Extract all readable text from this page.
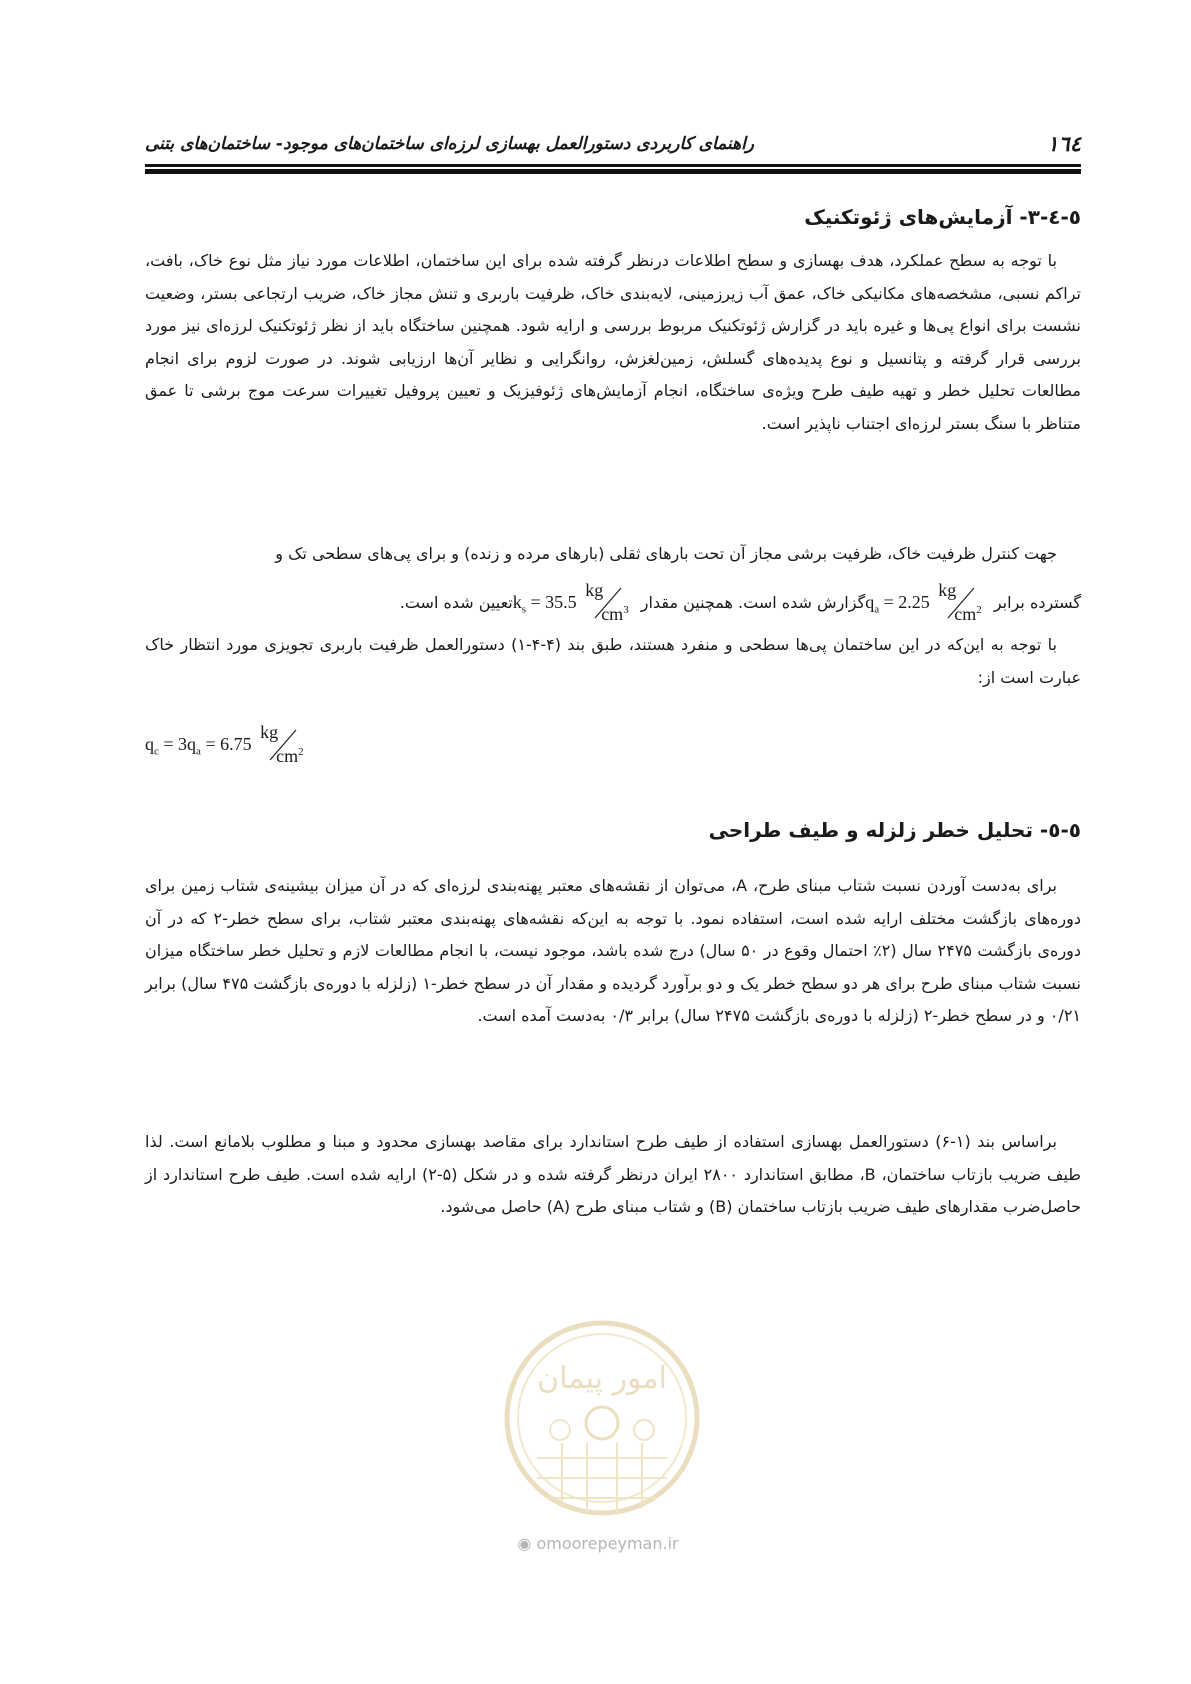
١٦٤
راهنمای کاربردی دستورالعمل بهسازی لرزه‌ای ساختمان‌های موجود- ساختمان‌های بتنی
٥-٤-٣- آزمایش‌های ژئوتکنیک

با توجه به سطح عملکرد، هدف بهسازی و سطح اطلاعات درنظر گرفته شده برای این ساختمان، اطلاعات مورد نیاز مثل نوع خاک، بافت، تراکم نسبی، مشخصه‌های مکانیکی خاک، عمق آب زیرزمینی، لایه‌بندی خاک، ظرفیت باربری و تنش مجاز خاک، ضریب ارتجاعی بستر، وضعیت نشست برای انواع پی‌ها و غیره باید در گزارش ژئوتکنیک مربوط بررسی و ارایه شود. همچنین ساختگاه باید از نظر ژئوتکنیک لرزه‌ای نیز مورد بررسی قرار گرفته و پتانسیل و نوع پدیده‌های گسلش، زمین‌لغزش، روانگرایی و نظایر آن‌ها ارزیابی شوند. در صورت لزوم برای انجام مطالعات تحلیل خطر و تهیه طیف طرح ویژه‌ی ساختگاه، انجام آزمایش‌های ژئوفیزیک و تعیین پروفیل تغییرات سرعت موج برشی تا عمق متناظر با سنگ بستر لرزه‌ای اجتناب ناپذیر است.

جهت کنترل ظرفیت خاک، ظرفیت برشی مجاز آن تحت بارهای ثقلی (بارهای مرده و زنده) و برای پی‌های سطحی تک و

گسترده برابر $q_a = 2.25$
kg
$cm^2$
گزارش شده است. همچنین مقدار $k_s = 35.5$
kg
$cm^3$
تعیین شده است.

با توجه به این‌که در این ساختمان پی‌ها سطحی و منفرد هستند، طبق بند (۴-۴-۱) دستورالعمل ظرفیت باربری تجویزی مورد انتظار خاک عبارت است از:

$q_c = 3q_a = 6.75$
kg
$cm^2$
٥-٥- تحلیل خطر زلزله و طیف طراحی

برای به‌دست آوردن نسبت شتاب مبنای طرح، A، می‌توان از نقشه‌های معتبر پهنه‌بندی لرزه‌ای که در آن میزان بیشینه‌ی شتاب زمین برای دوره‌های بازگشت مختلف ارایه شده است، استفاده نمود. با توجه به این‌که نقشه‌های پهنه‌بندی معتبر شتاب، برای سطح خطر-۲ که در آن دوره‌ی بازگشت ۲۴۷۵ سال (۲٪ احتمال وقوع در ۵۰ سال) درج شده باشد، موجود نیست، با انجام مطالعات لازم و تحلیل خطر ساختگاه میزان نسبت شتاب مبنای طرح برای هر دو سطح خطر یک و دو برآورد گردیده و مقدار آن در سطح خطر-۱ (زلزله با دوره‌ی بازگشت ۴۷۵ سال) برابر ۰/۲۱ و در سطح خطر-۲ (زلزله با دوره‌ی بازگشت ۲۴۷۵ سال) برابر ۰/۳ به‌دست آمده است.

براساس بند (۱-۶) دستورالعمل بهسازی استفاده از طیف طرح استاندارد برای مقاصد بهسازی محدود و مبنا و مطلوب بلامانع است. لذا طیف ضریب بازتاب ساختمان، B، مطابق استاندارد ۲۸۰۰ ایران درنظر گرفته شده و در شکل (۵-۲) ارایه شده است. طیف طرح استاندارد از حاصل‌ضرب مقدارهای طیف ضریب بازتاب ساختمان (B) و شتاب مبنای طرح (A) حاصل می‌شود.

امور پیمان
◉ omoorepeyman.ir
